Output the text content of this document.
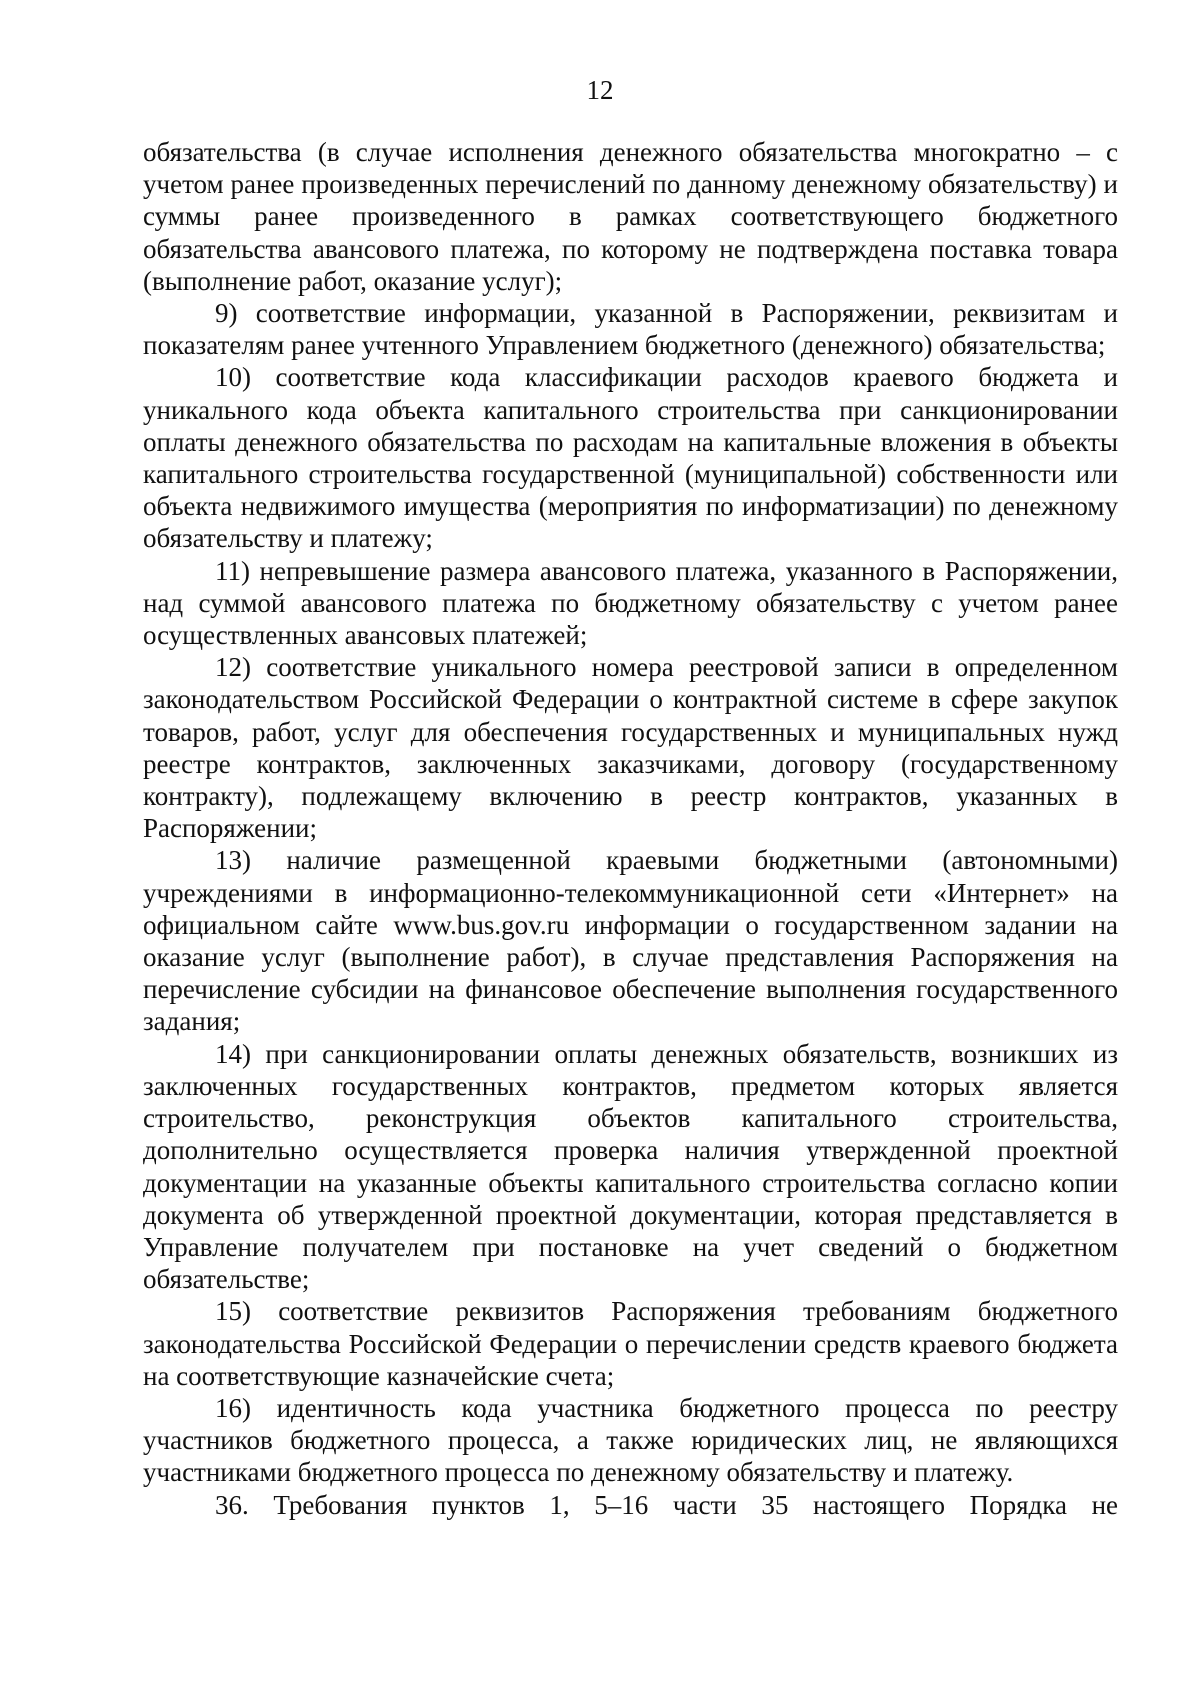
12

обязательства (в случае исполнения денежного обязательства многократно – с учетом ранее произведенных перечислений по данному денежному обязательству) и суммы ранее произведенного в рамках соответствующего бюджетного обязательства авансового платежа, по которому не подтверждена поставка товара (выполнение работ, оказание услуг);

9) соответствие информации, указанной в Распоряжении, реквизитам и показателям ранее учтенного Управлением бюджетного (денежного) обязательства;

10) соответствие кода классификации расходов краевого бюджета и уникального кода объекта капитального строительства при санкционировании оплаты денежного обязательства по расходам на капитальные вложения в объекты капитального строительства государственной (муниципальной) собственности или объекта недвижимого имущества (мероприятия по информатизации) по денежному обязательству и платежу;

11) непревышение размера авансового платежа, указанного в Распоряжении, над суммой авансового платежа по бюджетному обязательству с учетом ранее осуществленных авансовых платежей;

12) соответствие уникального номера реестровой записи в определенном законодательством Российской Федерации о контрактной системе в сфере закупок товаров, работ, услуг для обеспечения государственных и муниципальных нужд реестре контрактов, заключенных заказчиками, договору (государственному контракту), подлежащему включению в реестр контрактов, указанных в Распоряжении;

13) наличие размещенной краевыми бюджетными (автономными) учреждениями в информационно-телекоммуникационной сети «Интернет» на официальном сайте www.bus.gov.ru информации о государственном задании на оказание услуг (выполнение работ), в случае представления Распоряжения на перечисление субсидии на финансовое обеспечение выполнения государственного задания;

14) при санкционировании оплаты денежных обязательств, возникших из заключенных государственных контрактов, предметом которых является строительство, реконструкция объектов капитального строительства, дополнительно осуществляется проверка наличия утвержденной проектной документации на указанные объекты капитального строительства согласно копии документа об утвержденной проектной документации, которая представляется в Управление получателем при постановке на учет сведений о бюджетном обязательстве;

15) соответствие реквизитов Распоряжения требованиям бюджетного законодательства Российской Федерации о перечислении средств краевого бюджета на соответствующие казначейские счета;

16) идентичность кода участника бюджетного процесса по реестру участников бюджетного процесса, а также юридических лиц, не являющихся участниками бюджетного процесса по денежному обязательству и платежу.

36. Требования пунктов 1, 5–16 части 35 настоящего Порядка не
